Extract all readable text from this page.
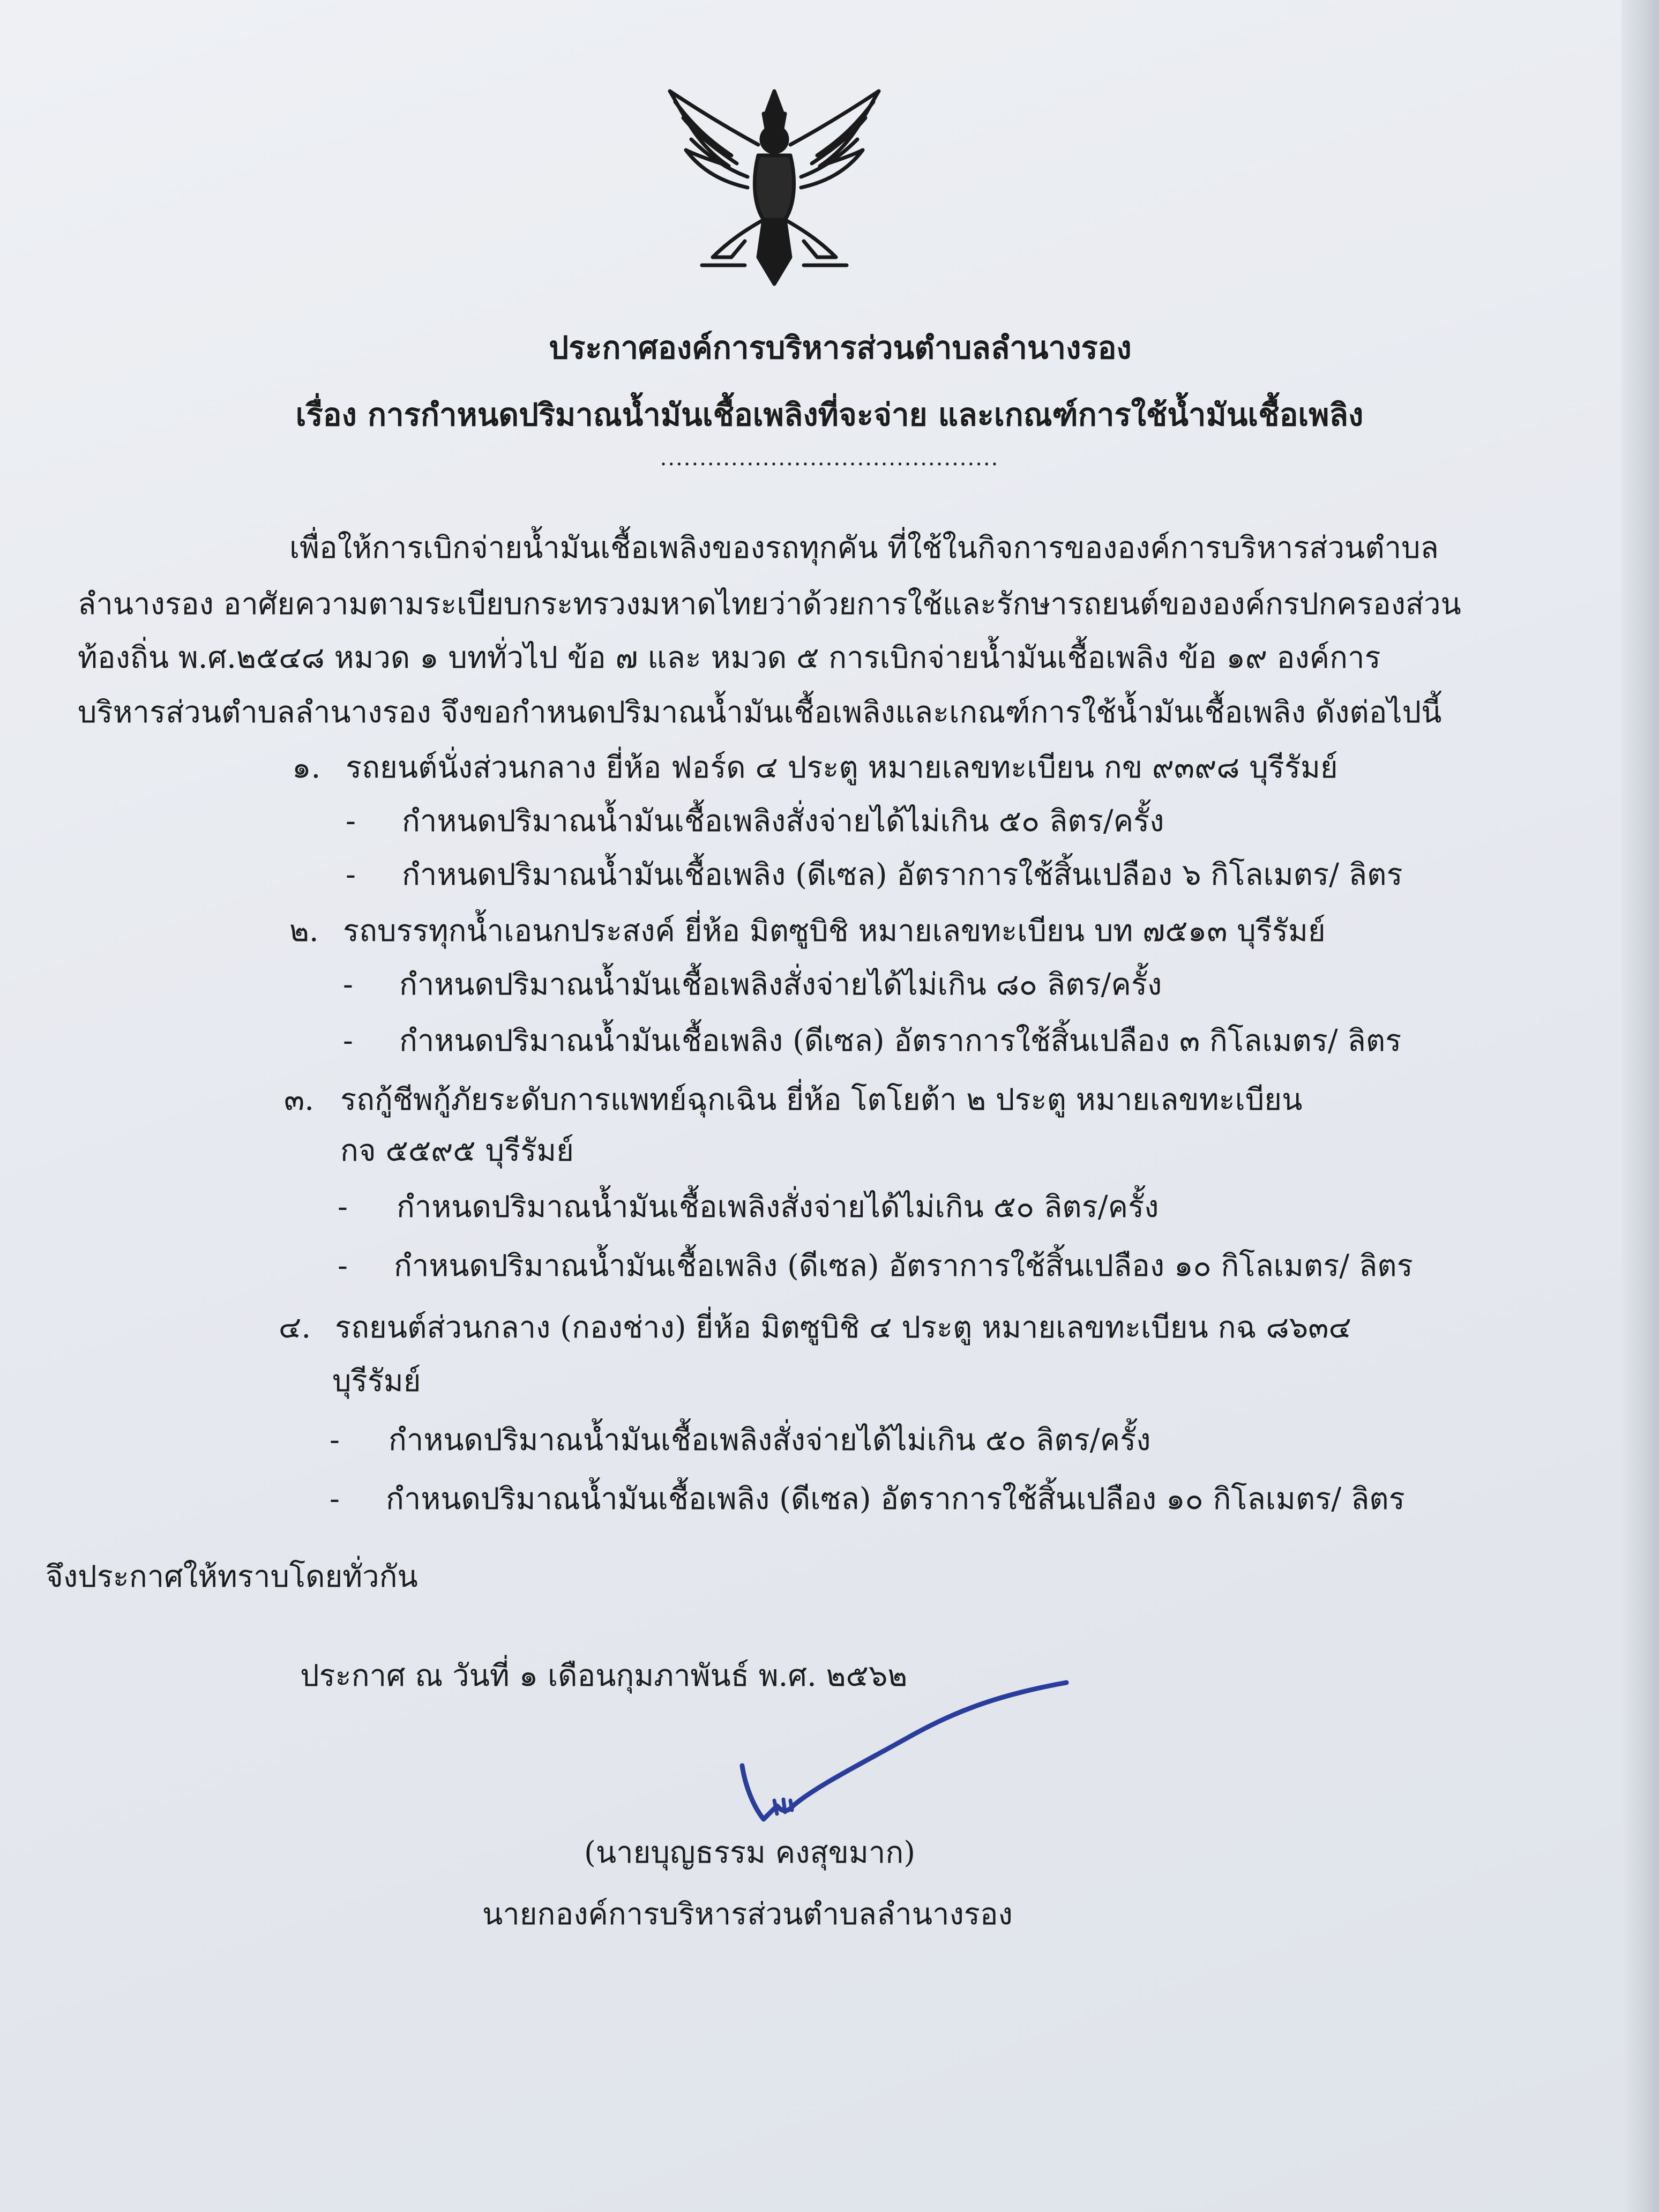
ประกาศองค์การบริหารส่วนตำบลลำนางรอง
เรื่อง การกำหนดปริมาณน้ำมันเชื้อเพลิงที่จะจ่าย และเกณฑ์การใช้น้ำมันเชื้อเพลิง
...........................................
เพื่อให้การเบิกจ่ายน้ำมันเชื้อเพลิงของรถทุกคัน ที่ใช้ในกิจการขององค์การบริหารส่วนตำบล
ลำนางรอง อาศัยความตามระเบียบกระทรวงมหาดไทยว่าด้วยการใช้และรักษารถยนต์ขององค์กรปกครองส่วน
ท้องถิ่น พ.ศ.๒๕๔๘ หมวด ๑ บททั่วไป ข้อ ๗ และ หมวด ๕ การเบิกจ่ายน้ำมันเชื้อเพลิง ข้อ ๑๙ องค์การ
บริหารส่วนตำบลลำนางรอง จึงขอกำหนดปริมาณน้ำมันเชื้อเพลิงและเกณฑ์การใช้น้ำมันเชื้อเพลิง ดังต่อไปนี้
๑. รถยนต์นั่งส่วนกลาง ยี่ห้อ ฟอร์ด ๔ ประตู หมายเลขทะเบียน กข ๙๓๙๘ บุรีรัมย์
- กำหนดปริมาณน้ำมันเชื้อเพลิงสั่งจ่ายได้ไม่เกิน ๕๐ ลิตร/ครั้ง
- กำหนดปริมาณน้ำมันเชื้อเพลิง (ดีเซล) อัตราการใช้สิ้นเปลือง ๖ กิโลเมตร/ ลิตร
๒. รถบรรทุกน้ำเอนกประสงค์ ยี่ห้อ มิตซูบิชิ หมายเลขทะเบียน บท ๗๕๑๓ บุรีรัมย์
- กำหนดปริมาณน้ำมันเชื้อเพลิงสั่งจ่ายได้ไม่เกิน ๘๐ ลิตร/ครั้ง
- กำหนดปริมาณน้ำมันเชื้อเพลิง (ดีเซล) อัตราการใช้สิ้นเปลือง ๓ กิโลเมตร/ ลิตร
๓. รถกู้ชีพกู้ภัยระดับการแพทย์ฉุกเฉิน ยี่ห้อ โตโยต้า ๒ ประตู หมายเลขทะเบียน
กจ ๕๕๙๕ บุรีรัมย์
- กำหนดปริมาณน้ำมันเชื้อเพลิงสั่งจ่ายได้ไม่เกิน ๕๐ ลิตร/ครั้ง
- กำหนดปริมาณน้ำมันเชื้อเพลิง (ดีเซล) อัตราการใช้สิ้นเปลือง ๑๐ กิโลเมตร/ ลิตร
๔. รถยนต์ส่วนกลาง (กองช่าง) ยี่ห้อ มิตซูบิชิ ๔ ประตู หมายเลขทะเบียน กฉ ๘๖๓๔
บุรีรัมย์
- กำหนดปริมาณน้ำมันเชื้อเพลิงสั่งจ่ายได้ไม่เกิน ๕๐ ลิตร/ครั้ง
- กำหนดปริมาณน้ำมันเชื้อเพลิง (ดีเซล) อัตราการใช้สิ้นเปลือง ๑๐ กิโลเมตร/ ลิตร
จึงประกาศให้ทราบโดยทั่วกัน
ประกาศ ณ วันที่ ๑ เดือนกุมภาพันธ์ พ.ศ. ๒๕๖๒
(นายบุญธรรม คงสุขมาก)
นายกองค์การบริหารส่วนตำบลลำนางรอง
